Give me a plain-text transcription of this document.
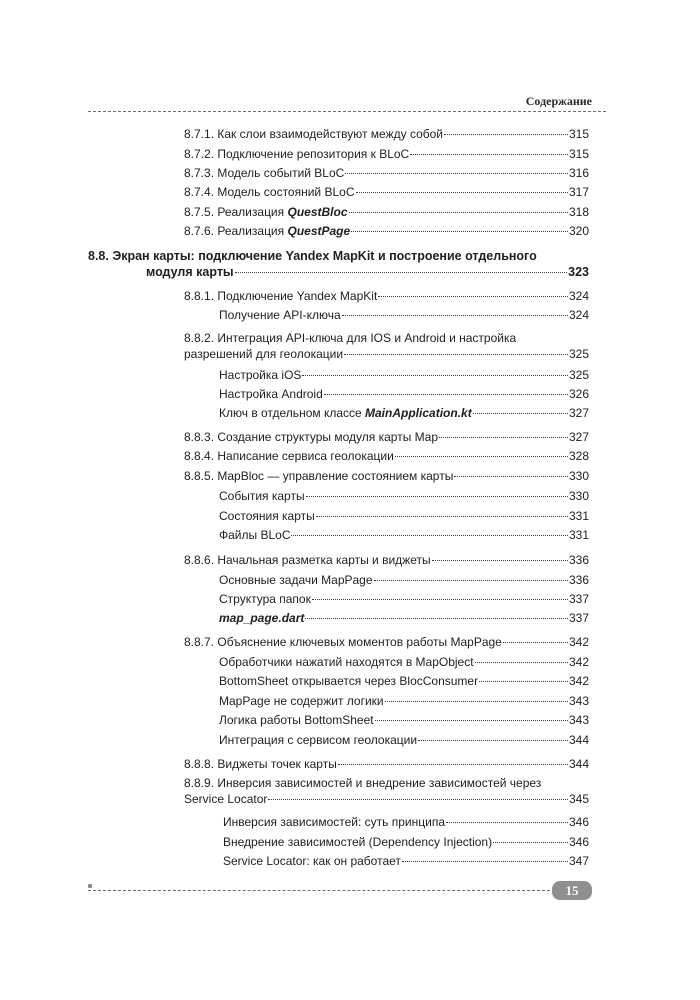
Содержание
8.7.1. Как слои взаимодействуют между собой	315
8.7.2. Подключение репозитория к BLoC	315
8.7.3. Модель событий BLoC	316
8.7.4. Модель состояний BLoC	317
8.7.5. Реализация QuestBloc	318
8.7.6. Реализация QuestPage	320
8.8. Экран карты: подключение Yandex MapKit и построение отдельного
модуля карты	323
8.8.1. Подключение Yandex MapKit	324
Получение API-ключа	324
8.8.2. Интеграция API-ключа для IOS и Android и настройка
разрешений для геолокации	325
Настройка iOS	325
Настройка Android	326
Ключ в отдельном классе MainApplication.kt	327
8.8.3. Создание структуры модуля карты Map	327
8.8.4. Написание сервиса геолокации	328
8.8.5. MapBloc — управление состоянием карты	330
События карты	330
Состояния карты	331
Файлы BLoC	331
8.8.6. Начальная разметка карты и виджеты	336
Основные задачи MapPage	336
Структура папок	337
map_page.dart	337
8.8.7. Объяснение ключевых моментов работы MapPage	342
Обработчики нажатий находятся в MapObject	342
BottomSheet открывается через BlocConsumer	342
MapPage не содержит логики	343
Логика работы BottomSheet	343
Интеграция с сервисом геолокации	344
8.8.8. Виджеты точек карты	344
8.8.9. Инверсия зависимостей и внедрение зависимостей через
Service Locator	345
Инверсия зависимостей: суть принципа	346
Внедрение зависимостей (Dependency Injection)	346
Service Locator: как он работает	347
15
